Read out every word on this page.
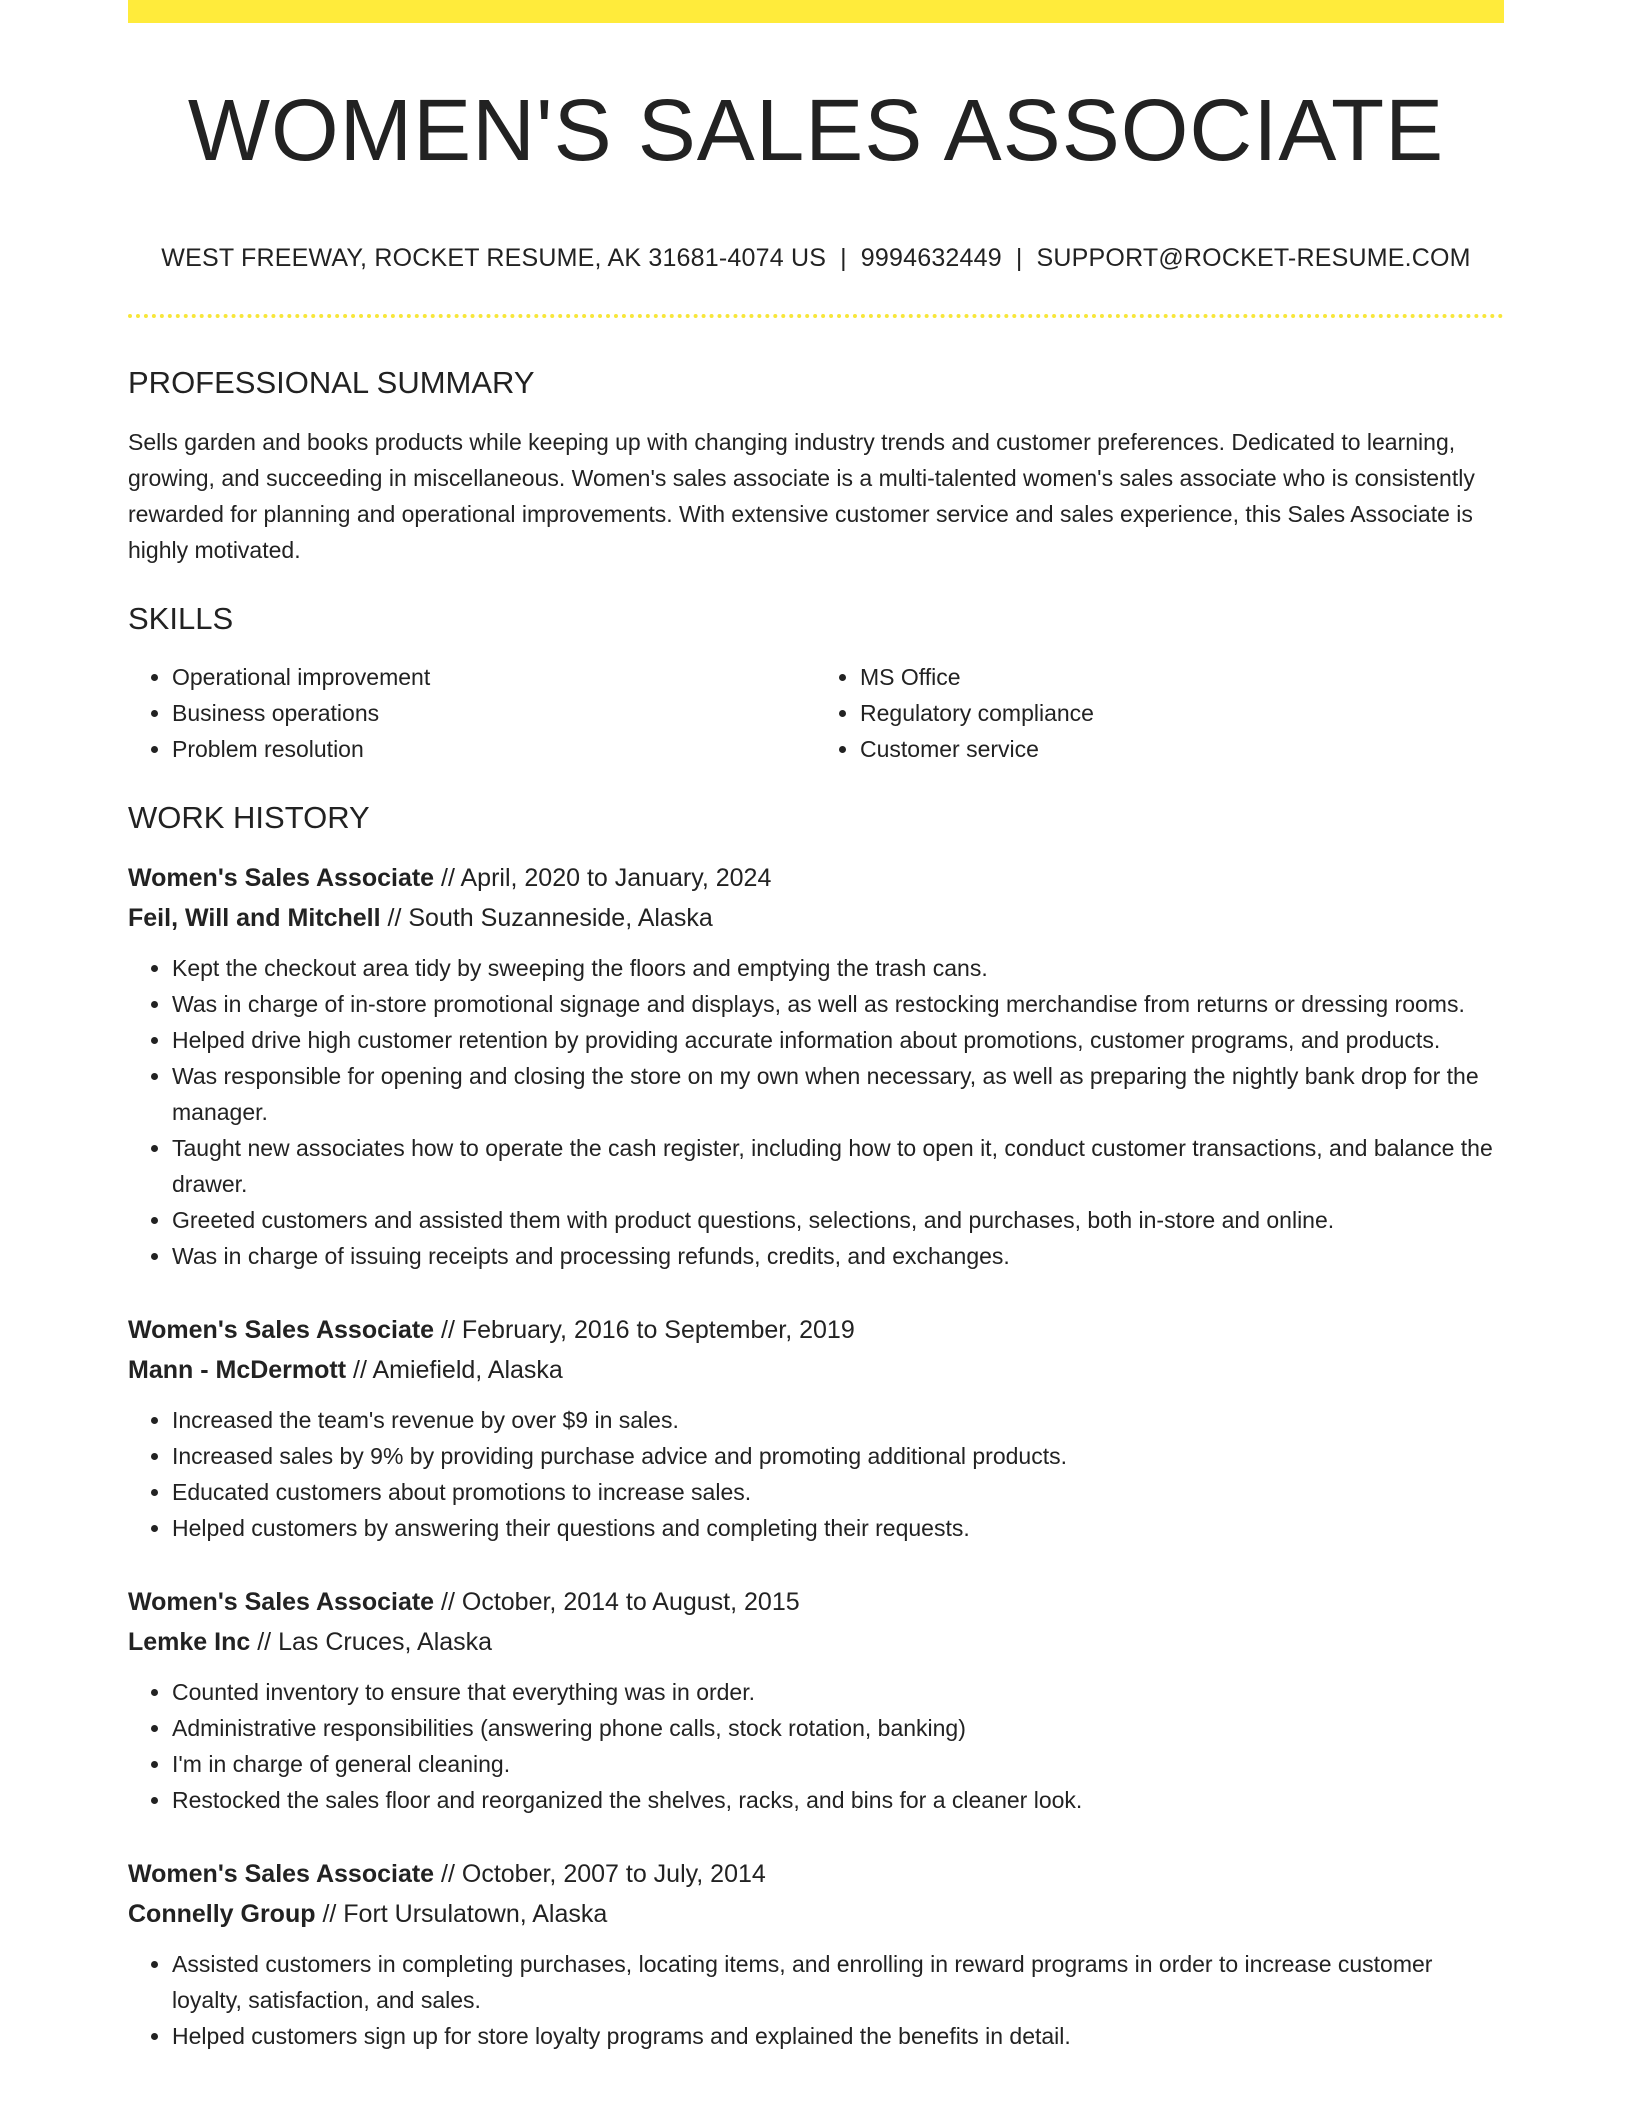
WOMEN'S SALES ASSOCIATE
WEST FREEWAY, ROCKET RESUME, AK 31681-4074 US | 9994632449 | SUPPORT@ROCKET-RESUME.COM
PROFESSIONAL SUMMARY
Sells garden and books products while keeping up with changing industry trends and customer preferences. Dedicated to learning, growing, and succeeding in miscellaneous. Women's sales associate is a multi-talented women's sales associate who is consistently rewarded for planning and operational improvements. With extensive customer service and sales experience, this Sales Associate is highly motivated.
SKILLS
• Operational improvement
• Business operations
• Problem resolution
• MS Office
• Regulatory compliance
• Customer service
WORK HISTORY
Women's Sales Associate // April, 2020 to January, 2024
Feil, Will and Mitchell // South Suzanneside, Alaska
• Kept the checkout area tidy by sweeping the floors and emptying the trash cans.
• Was in charge of in-store promotional signage and displays, as well as restocking merchandise from returns or dressing rooms.
• Helped drive high customer retention by providing accurate information about promotions, customer programs, and products.
• Was responsible for opening and closing the store on my own when necessary, as well as preparing the nightly bank drop for the manager.
• Taught new associates how to operate the cash register, including how to open it, conduct customer transactions, and balance the drawer.
• Greeted customers and assisted them with product questions, selections, and purchases, both in-store and online.
• Was in charge of issuing receipts and processing refunds, credits, and exchanges.
Women's Sales Associate // February, 2016 to September, 2019
Mann - McDermott // Amiefield, Alaska
• Increased the team's revenue by over $9 in sales.
• Increased sales by 9% by providing purchase advice and promoting additional products.
• Educated customers about promotions to increase sales.
• Helped customers by answering their questions and completing their requests.
Women's Sales Associate // October, 2014 to August, 2015
Lemke Inc // Las Cruces, Alaska
• Counted inventory to ensure that everything was in order.
• Administrative responsibilities (answering phone calls, stock rotation, banking)
• I'm in charge of general cleaning.
• Restocked the sales floor and reorganized the shelves, racks, and bins for a cleaner look.
Women's Sales Associate // October, 2007 to July, 2014
Connelly Group // Fort Ursulatown, Alaska
• Assisted customers in completing purchases, locating items, and enrolling in reward programs in order to increase customer loyalty, satisfaction, and sales.
• Helped customers sign up for store loyalty programs and explained the benefits in detail.
